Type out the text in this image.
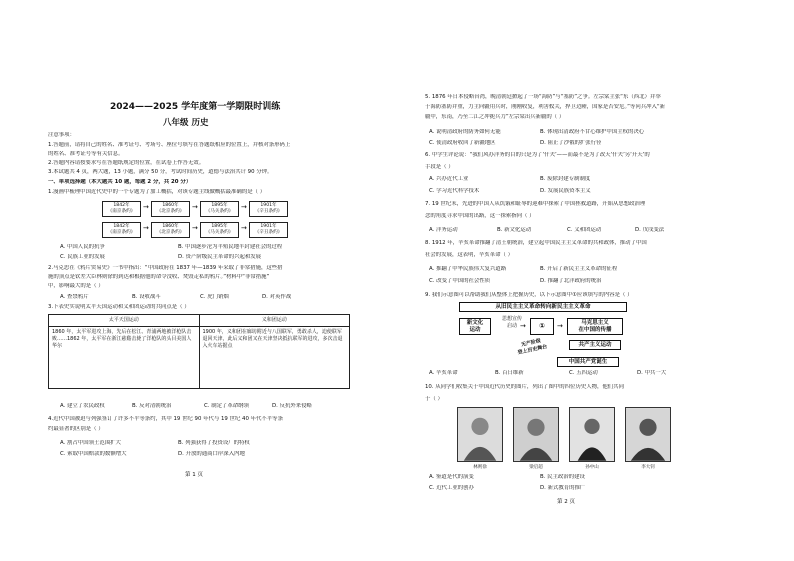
2024——2025 学年度第一学期限时训练
八年级 历史
注意事项：
1.答题前，请将自己的姓名、准考证号、考场号、座位号填写在答题纸相应的位置上，并核对条形码上
的姓名、准考证号等有关信息。
2.答题内容请按要求写在答题纸规定的位置，在试卷上作答无效。
3.本试题共 4 页，两大题，13 小题，满分 50 分，考试时间历史，道德与法治共计 90 分钟。
一、单项选择题（本大题共 10 题，每题 2 分，共 20 分）
1.漫画中梳理中国近代史中的一个专题为了加工概括，对该专题主线做概括最准确的是（ ）
1842年
《南京条约》
→	1860年
《北京条约》
→	1895年
《马关条约》
→	1901年
《辛丑条约》
1842年
《南京条约》
→	1860年
《北京条约》
→	1895年
《马关条约》
→	1901年
《辛丑条约》
A. 中国人民的抗争	B. 中国逐步沦为半殖民地半封建社会的过程
C. 民族工业的发展	D. 资产阶级民主革命的兴起和发展
2.马克思在《鸦片贸易史》一书中指出：“中国政府在 1837 年—1839 年采取了非常措施，这些措
施的顶点是钦差大臣林则徐的到达和根据他的命令没收、焚毁走私的鸦片。”材料中“非常措施”
中，影响最大的是（ ）
A. 查禁鸦片	B. 设收战斗	C. 虎门销烟	D. 对英作战
3.下表史实说明太平天国运动和义和团运动的共同点是（ ）
太平天国运动	义和团运动
1860 年，太平军进攻上海，先后在松江、青浦两地被洋枪队击败……1862 年，太平军在浙江慈谿击毙了洋枪队的头目美国人华尔	1900 年，义和团在廊坊附近与八国联军，勇敢杀人，迫使联军退回天津，此后义和团又在天津坚决抵抗联军的进攻，多次击退入火车站据点
A. 建立了农民政权	B. 反对清朝统治	C. 制定了革命纲领	D. 反抗外来侵略
4.近代中国被迫与列强签订了许多不平等条约，其中 19 世纪 90 年代与 19 世纪 40 年代不平等条
约最显著的区别是（ ）
A. 割占中国领土范围扩大	B. 列强获得了投资设厂的特权
C. 索取中国赔款的数额增大	D. 开放的通商口岸深入内地
第 1 页
5. 1876 年日本侵略台湾，晚清朝廷掀起了一场“海防”与“塞防”之争。左宗棠主张“东（西北）并举
于海防塞防并重，力主向疆用兵时，刚刚收复，利害攸关，捍卫边陲，国家是否安危。”等问兵冲入“新
疆中，东南，乃至二江之冲扼兵力”左宗棠出兵新疆的（ ）
A. 说明清政府的防务如何无能	B. 体现出清政府不甘心维护中国主权的决心
C. 使清政府收回了新疆地区	D. 阻止了沙俄的扩张行径
6. 中学生评论说：“我们风办洋务的目的只是为了‘什夫’——而最不是为了改天‘什夫’另‘开天’的
手段是（ ）
A. 兴办近代工业	B. 废除封建专制制度
C. 学习近代科学技术	D. 发展民族资本主义
7. 19 世纪末，先进的中国人从饥饿和耻辱的迎难中探索了中国拯救道路，开始从思想政治理
念的角度寻求中国的出路，这一探索指向（ ）
A. 洋务运动	B. 新文化运动	C. 义和团运动	D. 戊戌变法
8. 1912 年，辛亥革命推翻了清王朝统治，建立起中国民主主义革命的共和政体，推动了中国
社会的发展，这表明，辛亥革命（ ）
A. 推翻了中华民族伟大复兴道路	B. 开启了新民主主义革命的征程
C. 改变了中国的社会性质	D. 推翻了北洋政府的统治
9. 我们示意图可以帮助我们从整体上把握历史，以下示意图中①应该填写的内容是（ ）
从旧民主主义革命转向新民主主义革命
新文化
运动
思想宣传
启动 →	①	→	马克思主义
在中国的传播
无产阶级
登上历史舞台	共产主义运动
中国共产党诞生
A. 辛亥革命	B. 百日维新	C. 五四运动	D. 中共一大
10. 从同学们收集关于中国近代历史的图片，列出了图中的四位历史人物，他们共同
于（ ）
林则徐	梁启超	孙中山	李大钊
A. 鉴道是代的演变	B. 民主政治的建设
C. 近代工业的创办	D. 新式教育的推广
第 2 页
